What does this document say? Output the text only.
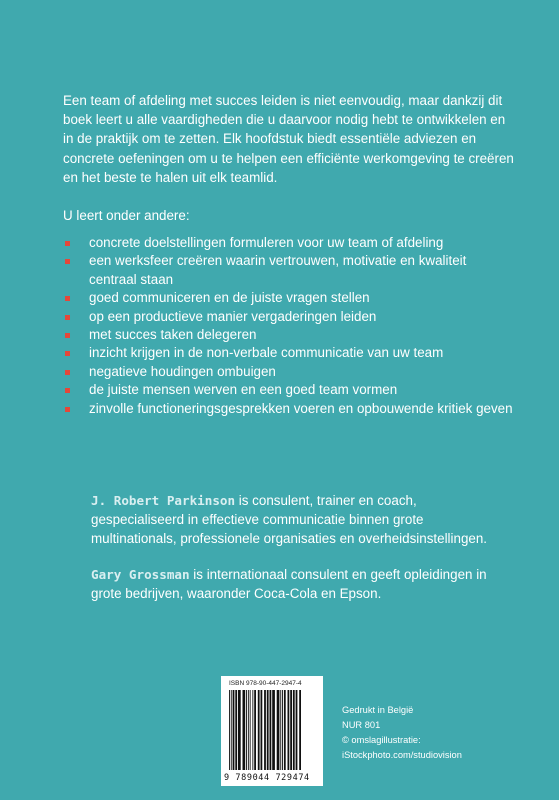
Een team of afdeling met succes leiden is niet eenvoudig, maar dankzij dit boek leert u alle vaardigheden die u daarvoor nodig hebt te ontwikkelen en in de praktijk om te zetten. Elk hoofdstuk biedt essentiële adviezen en concrete oefeningen om u te helpen een efficiënte werkomgeving te creëren en het beste te halen uit elk teamlid.

U leert onder andere:
concrete doelstellingen formuleren voor uw team of afdeling
een werksfeer creëren waarin vertrouwen, motivatie en kwaliteit centraal staan
goed communiceren en de juiste vragen stellen
op een productieve manier vergaderingen leiden
met succes taken delegeren
inzicht krijgen in de non-verbale communicatie van uw team
negatieve houdingen ombuigen
de juiste mensen werven en een goed team vormen
zinvolle functioneringsgesprekken voeren en opbouwende kritiek geven

J. Robert Parkinson is consulent, trainer en coach, gespecialiseerd in effectieve communicatie binnen grote multinationals, professionele organisaties en overheidsinstellingen.

Gary Grossman is internationaal consulent en geeft opleidingen in grote bedrijven, waaronder Coca-Cola en Epson.

ISBN 978-90-447-2947-4
9 789044 729474
Gedrukt in België
NUR 801
© omslagillustratie:
iStockphoto.com/studiovision
